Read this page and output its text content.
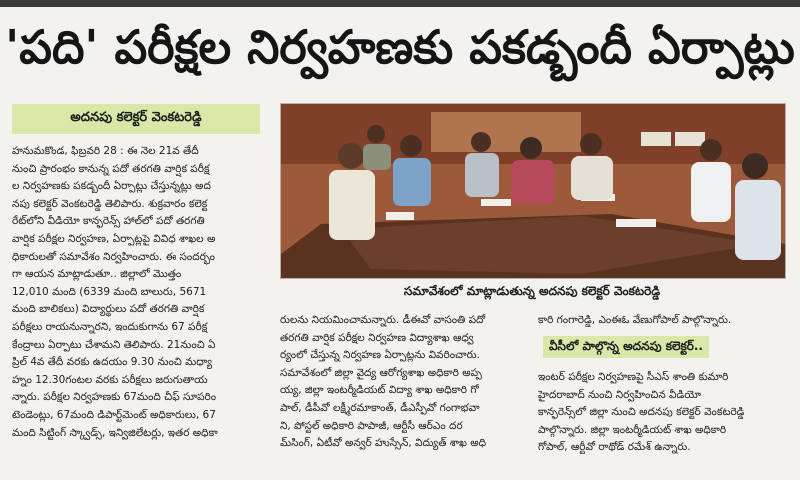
'పది' పరీక్షల నిర్వహణకు పకడ్బందీ ఏర్పాట్లు
అదనపు కలెక్టర్ వెంకటరెడ్డి
హనుమకొండ, ఫిబ్రవరి 28 : ఈ నెల 21వ తేదీ
నుంచి ప్రారంభం కానున్న పదో తరగతి వార్షిక పరీక్ష
ల నిర్వహణకు పకడ్బందీ ఏర్పాట్లు చేస్తున్నట్లు అద
నపు కలెక్టర్ వెంకటరెడ్డి తెలిపారు. శుక్రవారం కలెక్ట
రేట్‌లోని వీడియో కాన్ఫరెన్స్ హాల్‌లో పదో తరగతి
వార్షిక పరీక్షల నిర్వహణ, ఏర్పాట్లపై వివిధ శాఖల అ
ధికారులతో సమావేశం నిర్వహించారు. ఈ సందర్భం
గా ఆయన మాట్లాడుతూ.. జిల్లాలో మొత్తం
12,010 మంది (6339 మంది బాలురు, 5671
మంది బాలికలు) విద్యార్థులు పదో తరగతి వార్షిక
పరీక్షలు రాయనున్నారని, ఇందుకుగాను 67 పరీక్ష
కేంద్రాలు ఏర్పాటు చేశామని తెలిపారు. 21నుంచి ఏ
ప్రిల్ 4వ తేదీ వరకు ఉదయం 9.30 నుంచి మధ్యా
హ్నం 12.30గంటల వరకు పరీక్షలు జరుగుతాయ
న్నారు. పరీక్షల నిర్వహణకు 67మంది చీఫ్ సూపరిం
టెండెంట్లు, 67మంది డిపార్ట్‌మెంట్ అధికారులు, 67
మంది సిట్టింగ్ స్క్వాడ్స్, ఇన్విజిలేటర్లు, ఇతర అధికా
సమావేశంలో మాట్లాడుతున్న అదనపు కలెక్టర్ వెంకటరెడ్డి
రులను నియమించామన్నారు. డీఈవో వాసంతి పదో
తరగతి వార్షిక పరీక్షల నిర్వహణ విద్యాశాఖ ఆధ్వ
ర్యంలో చేస్తున్న నిర్వహణ ఏర్పాట్లను వివరించారు.
సమావేశంలో జిల్లా వైద్య ఆరోగ్యశాఖ అధికారి అప్ప
య్య, జిల్లా ఇంటర్మీడియట్ విద్యా శాఖ అధికారి గో
పాల్, డీపీవో లక్ష్మీరమాకాంత్, డీఎస్పీవో గంగాభవా
ని, పోస్టల్ అధికారి పాపాజీ, ఆర్టీసీ ఆర్ఎం దర
మ్‌సింగ్, ఏటీవో అన్వర్ హుస్సేన్, విద్యుత్ శాఖ అధి
కారి గంగారెడ్డి, ఎంఈఓ వేణుగోపాల్ పాల్గొన్నారు.
వీసీలో పాల్గొన్న అదనపు కలెక్టర్..
ఇంటర్ పరీక్షల నిర్వహణపై సీఎస్ శాంతి కుమారి
హైదరాబాద్ నుంచి నిర్వహించిన వీడియో
కాన్ఫరెన్స్‌లో జిల్లా నుంచి అదనపు కలెక్టర్ వెంకటరెడ్డి
పాల్గొన్నారు. జిల్లా ఇంటర్మీడియట్ శాఖ అధికారి
గోపాల్, ఆర్టీవో రాథోడ్ రమేశ్ ఉన్నారు.
